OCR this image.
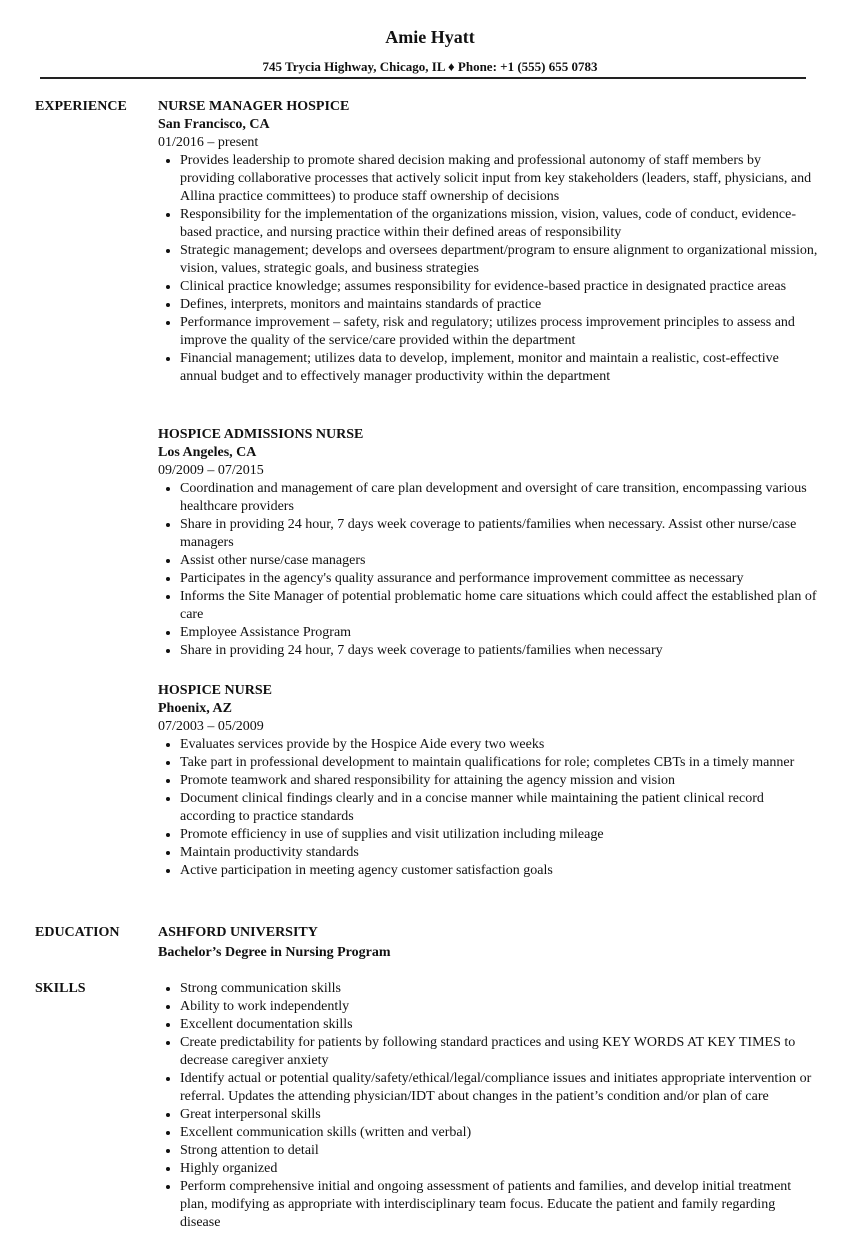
Amie Hyatt
745 Trycia Highway, Chicago, IL ♦ Phone: +1 (555) 655 0783
EXPERIENCE NURSE MANAGER HOSPICE
San Francisco, CA
01/2016 – present
• Provides leadership to promote shared decision making and professional autonomy of staff members by providing collaborative processes that actively solicit input from key stakeholders (leaders, staff, physicians, and Allina practice committees) to produce staff ownership of decisions
• Responsibility for the implementation of the organizations mission, vision, values, code of conduct, evidence-based practice, and nursing practice within their defined areas of responsibility
• Strategic management; develops and oversees department/program to ensure alignment to organizational mission, vision, values, strategic goals, and business strategies
• Clinical practice knowledge; assumes responsibility for evidence-based practice in designated practice areas
• Defines, interprets, monitors and maintains standards of practice
• Performance improvement – safety, risk and regulatory; utilizes process improvement principles to assess and improve the quality of the service/care provided within the department
• Financial management; utilizes data to develop, implement, monitor and maintain a realistic, cost-effective annual budget and to effectively manager productivity within the department
HOSPICE ADMISSIONS NURSE
Los Angeles, CA
09/2009 – 07/2015
• Coordination and management of care plan development and oversight of care transition, encompassing various healthcare providers
• Share in providing 24 hour, 7 days week coverage to patients/families when necessary. Assist other nurse/case managers
• Assist other nurse/case managers
• Participates in the agency's quality assurance and performance improvement committee as necessary
• Informs the Site Manager of potential problematic home care situations which could affect the established plan of care
• Employee Assistance Program
• Share in providing 24 hour, 7 days week coverage to patients/families when necessary
HOSPICE NURSE
Phoenix, AZ
07/2003 – 05/2009
• Evaluates services provide by the Hospice Aide every two weeks
• Take part in professional development to maintain qualifications for role; completes CBTs in a timely manner
• Promote teamwork and shared responsibility for attaining the agency mission and vision
• Document clinical findings clearly and in a concise manner while maintaining the patient clinical record according to practice standards
• Promote efficiency in use of supplies and visit utilization including mileage
• Maintain productivity standards
• Active participation in meeting agency customer satisfaction goals
EDUCATION	ASHFORD UNIVERSITY
Bachelor’s Degree in Nursing Program
SKILLS
•	Strong communication skills
• Ability to work independently
• Excellent documentation skills
• Create predictability for patients by following standard practices and using KEY WORDS AT KEY TIMES to decrease caregiver anxiety
• Identify actual or potential quality/safety/ethical/legal/compliance issues and initiates appropriate intervention or referral. Updates the attending physician/IDT about changes in the patient’s condition and/or plan of care
• Great interpersonal skills
• Excellent communication skills (written and verbal)
• Strong attention to detail
• Highly organized
• Perform comprehensive initial and ongoing assessment of patients and families, and develop initial treatment plan, modifying as appropriate with interdisciplinary team focus. Educate the patient and family regarding disease
